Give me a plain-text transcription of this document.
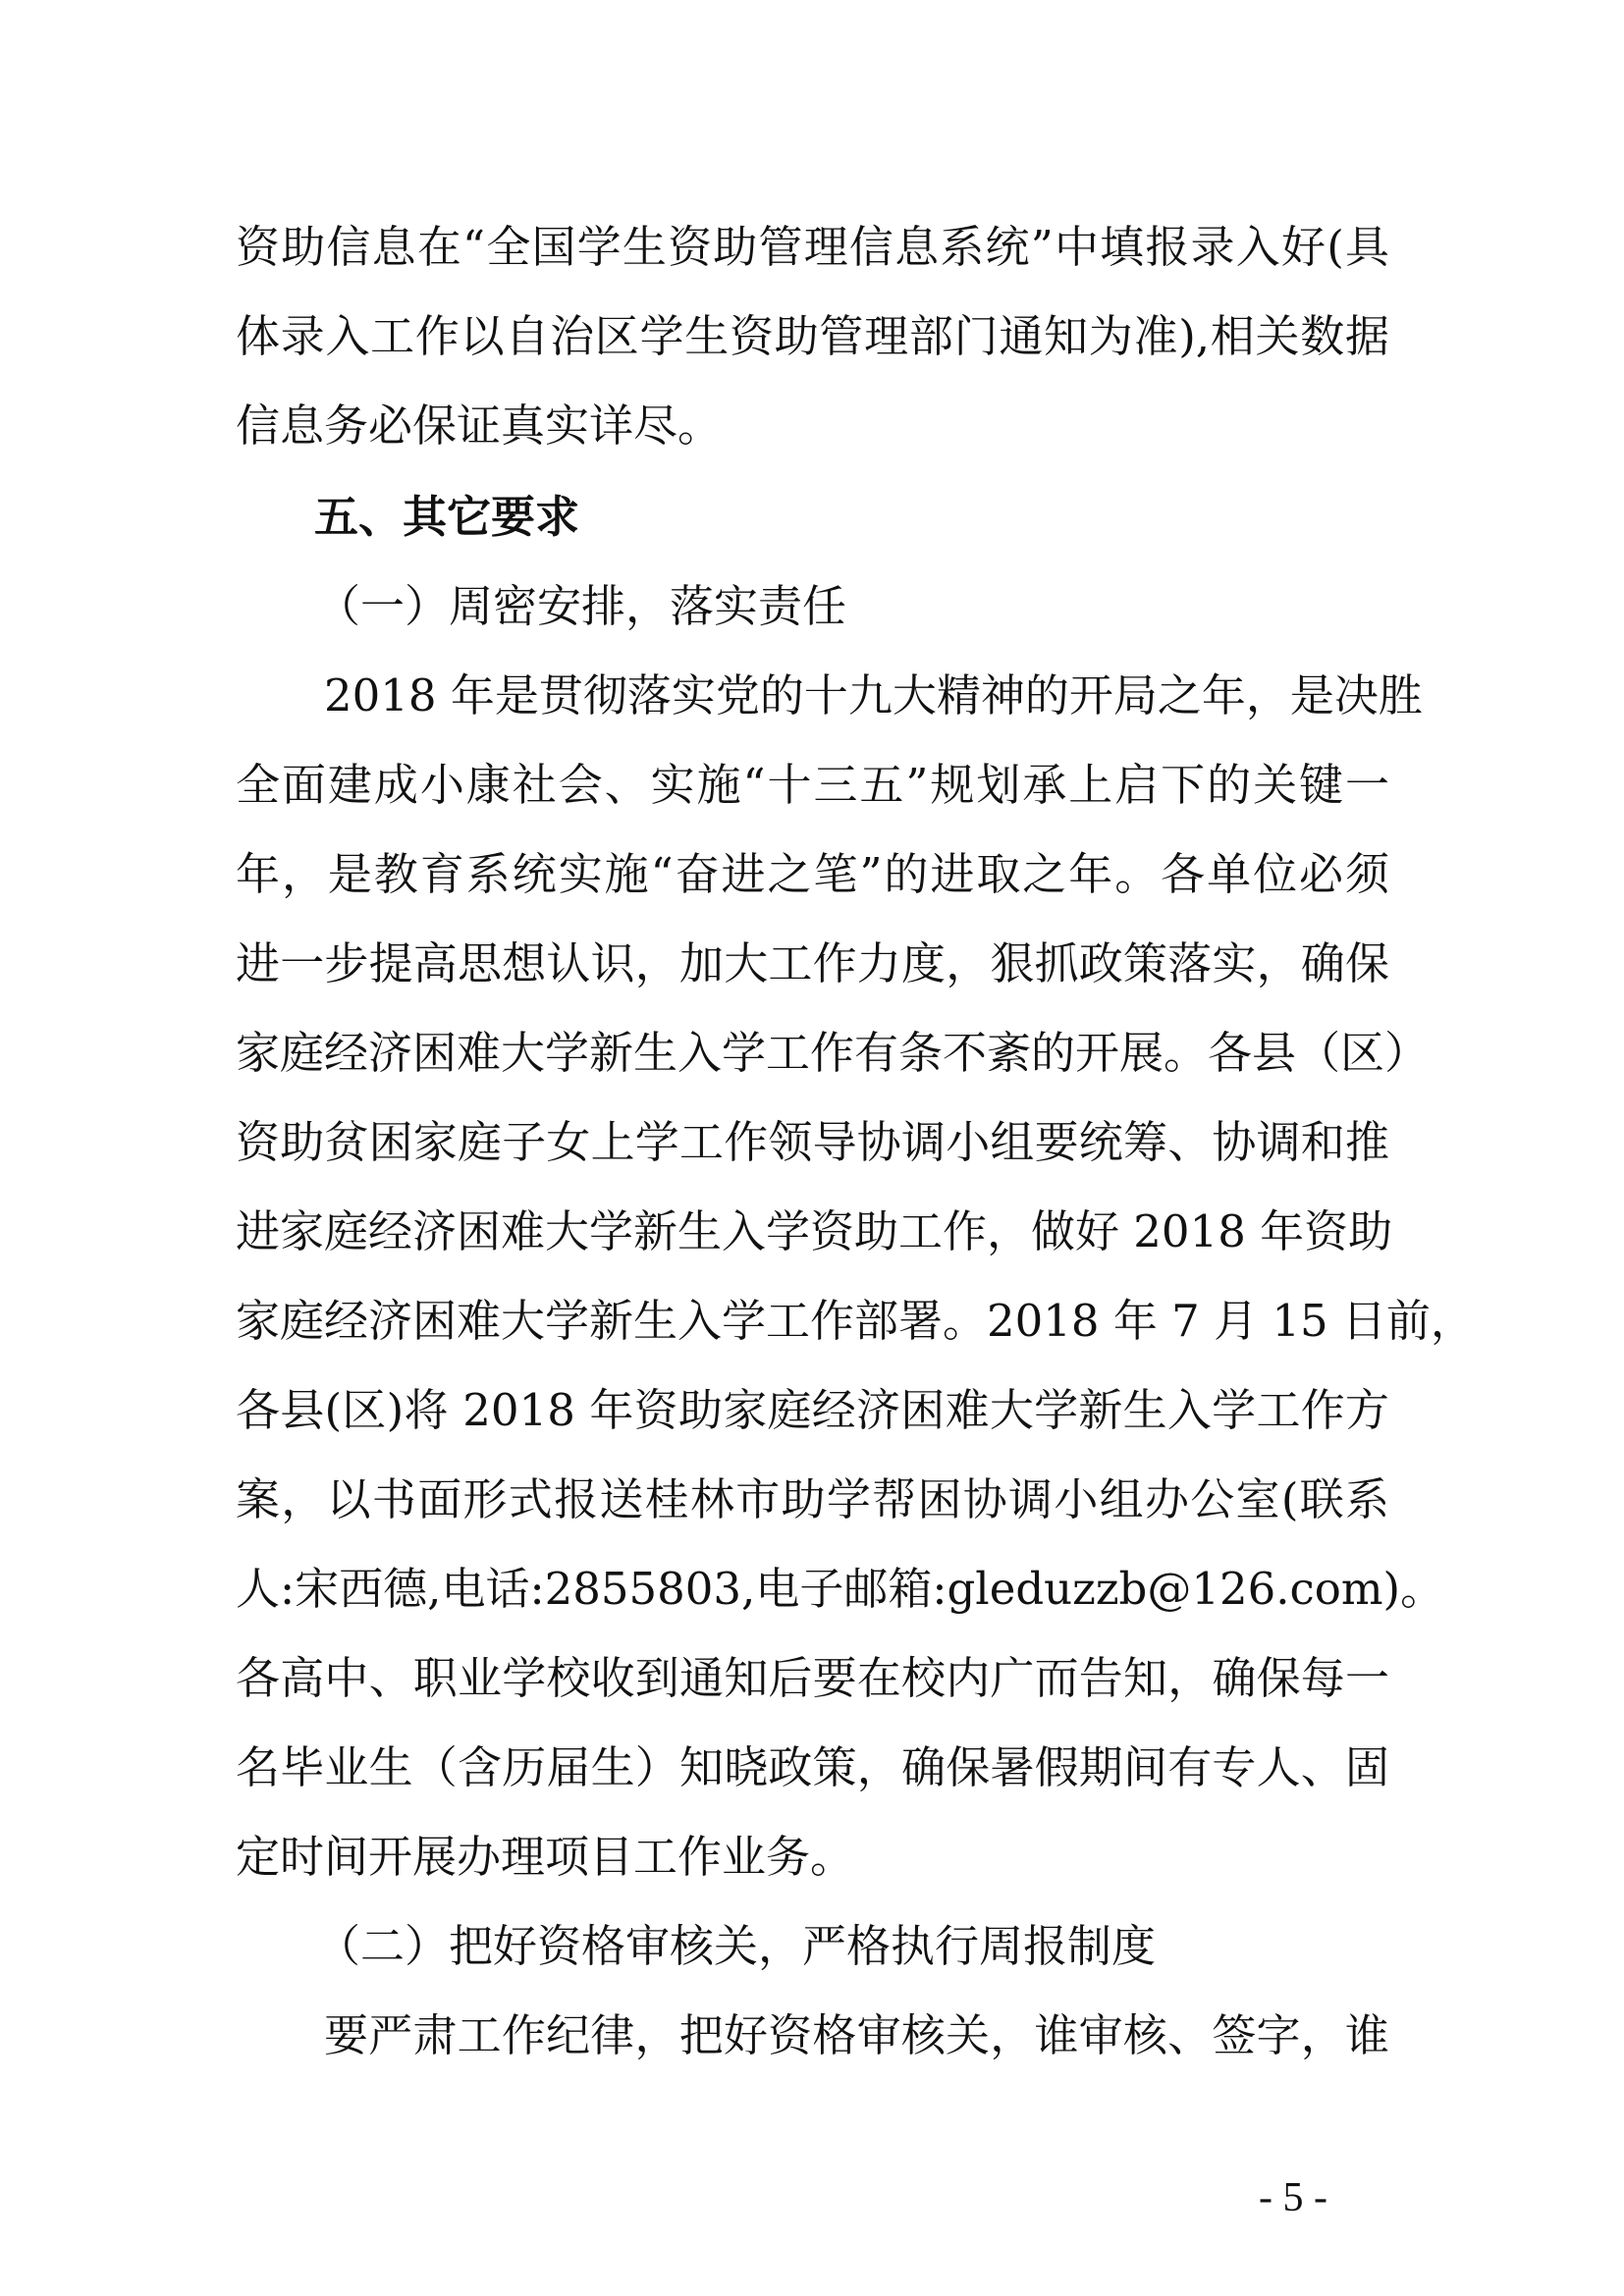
资助信息在“全国学生资助管理信息系统”中填报录入好(具
体录入工作以自治区学生资助管理部门通知为准),相关数据
信息务必保证真实详尽。
五、其它要求
（一）周密安排，落实责任
2018 年是贯彻落实党的十九大精神的开局之年，是决胜
全面建成小康社会、实施“十三五”规划承上启下的关键一
年，是教育系统实施“奋进之笔”的进取之年。各单位必须
进一步提高思想认识，加大工作力度，狠抓政策落实，确保
家庭经济困难大学新生入学工作有条不紊的开展。各县（区）
资助贫困家庭子女上学工作领导协调小组要统筹、协调和推
进家庭经济困难大学新生入学资助工作，做好 2018 年资助
家庭经济困难大学新生入学工作部署。2018 年 7 月 15 日前，
各县(区)将 2018 年资助家庭经济困难大学新生入学工作方
案，以书面形式报送桂林市助学帮困协调小组办公室(联系
人:宋西德,电话:2855803,电子邮箱:gleduzzb@126.com)。
各高中、职业学校收到通知后要在校内广而告知，确保每一
名毕业生（含历届生）知晓政策，确保暑假期间有专人、固
定时间开展办理项目工作业务。
（二）把好资格审核关，严格执行周报制度
要严肃工作纪律，把好资格审核关，谁审核、签字，谁
- 5 -
